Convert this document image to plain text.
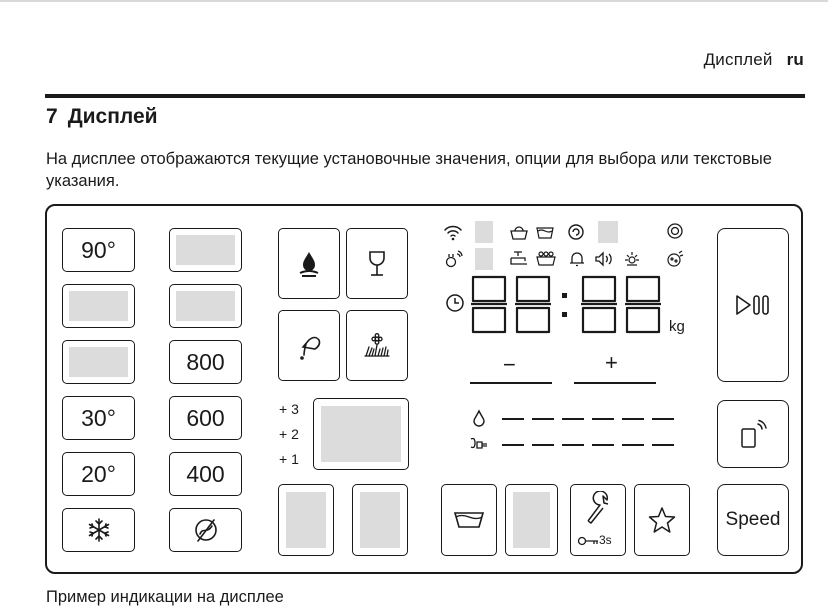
Дисплей ru
7 Дисплей
На дисплее отображаются текущие установочные значения, опции для выбора или текстовые указания.
90°
30°
20°
800
600
400
+ 3
+ 2
+ 1
3s
Speed
88:88
kg
−	+
Пример индикации на дисплее
